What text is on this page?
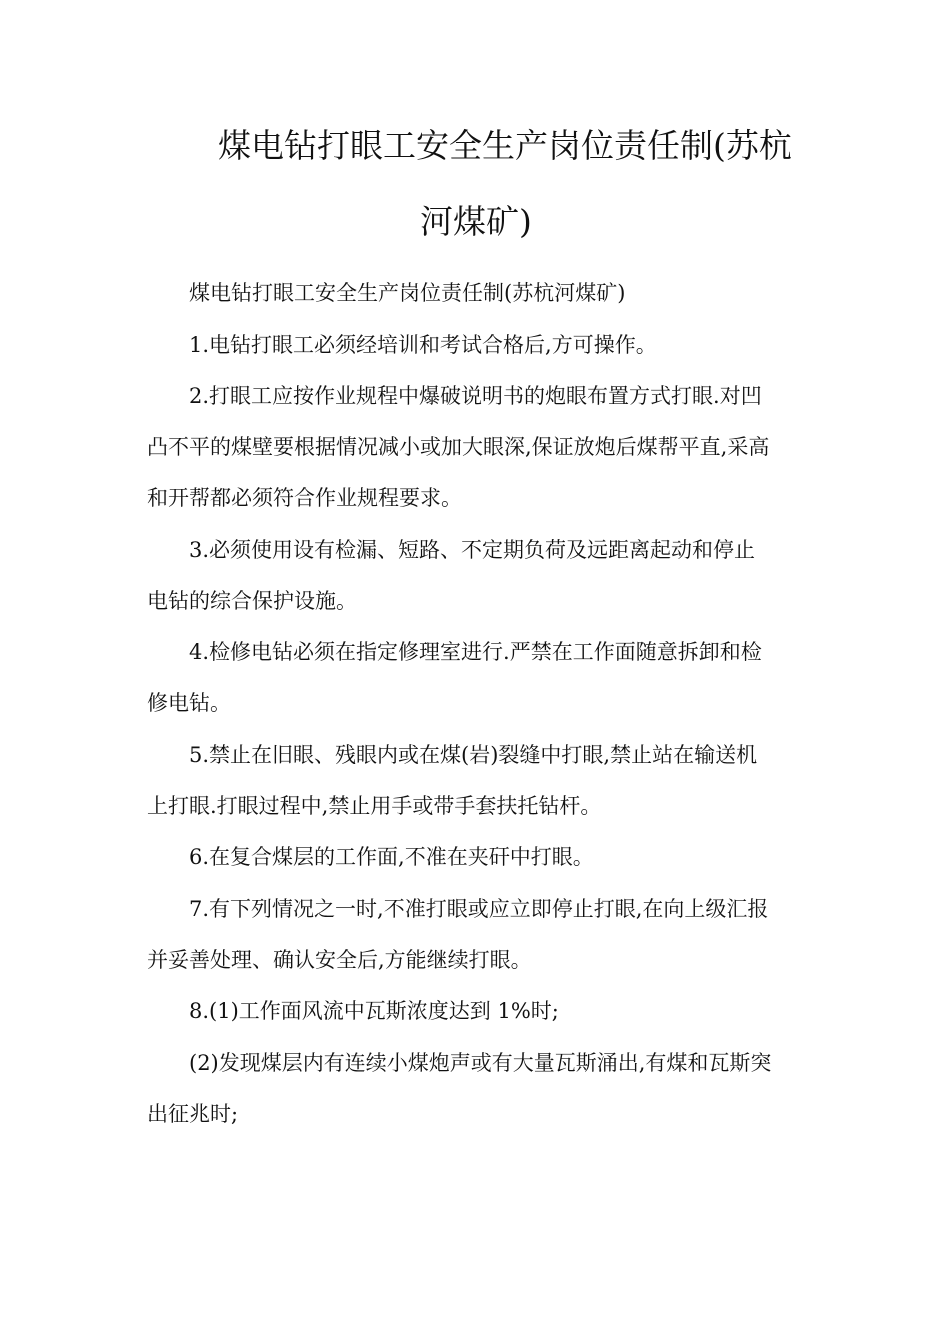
煤电钻打眼工安全生产岗位责任制(苏杭
河煤矿)
煤电钻打眼工安全生产岗位责任制(苏杭河煤矿)
1.电钻打眼工必须经培训和考试合格后,方可操作。
2.打眼工应按作业规程中爆破说明书的炮眼布置方式打眼.对凹
凸不平的煤壁要根据情况减小或加大眼深,保证放炮后煤帮平直,采高
和开帮都必须符合作业规程要求。
3.必须使用设有检漏、短路、不定期负荷及远距离起动和停止
电钻的综合保护设施。
4.检修电钻必须在指定修理室进行.严禁在工作面随意拆卸和检
修电钻。
5.禁止在旧眼、残眼内或在煤(岩)裂缝中打眼,禁止站在输送机
上打眼.打眼过程中,禁止用手或带手套扶托钻杆。
6.在复合煤层的工作面,不准在夹矸中打眼。
7.有下列情况之一时,不准打眼或应立即停止打眼,在向上级汇报
并妥善处理、确认安全后,方能继续打眼。
8.(1)工作面风流中瓦斯浓度达到 1%时;
(2)发现煤层内有连续小煤炮声或有大量瓦斯涌出,有煤和瓦斯突
出征兆时;
